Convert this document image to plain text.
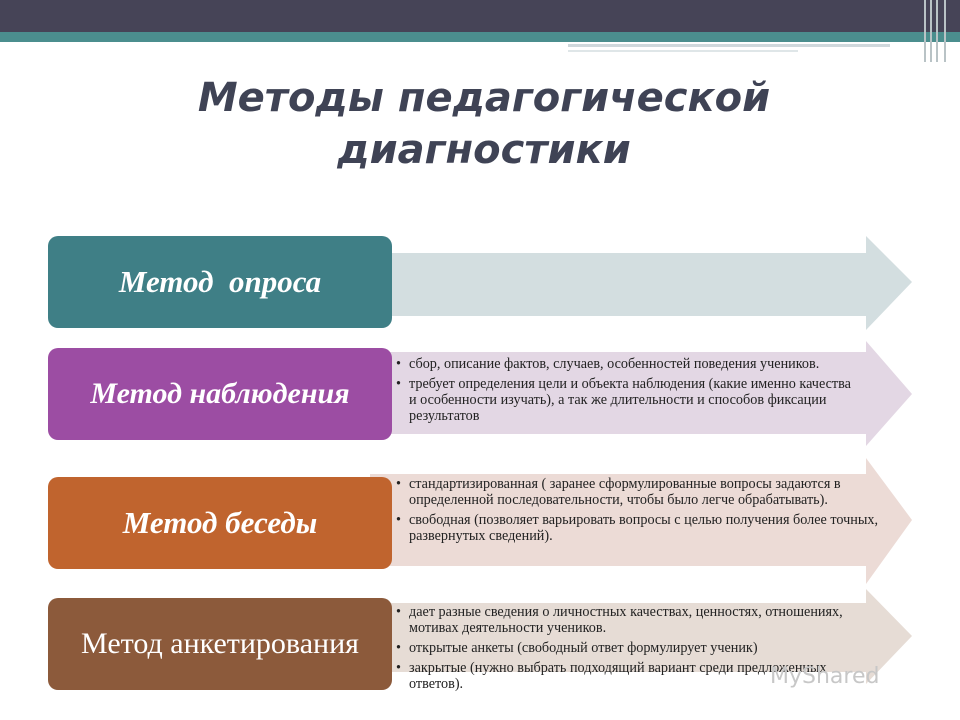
Методы педагогической
диагностики
Метод  опроса
Метод наблюдения
Метод беседы
Метод анкетирования
• сбор, описание фактов, случаев, особенностей поведения учеников.
• требует определения цели и объекта наблюдения (какие именно качества и особенности изучать), а так же длительности и способов фиксации результатов
• стандартизированная ( заранее сформулированные вопросы задаются в определенной последовательности, чтобы было легче обрабатывать).
• свободная (позволяет варьировать вопросы с целью получения более точных, развернутых сведений).
• дает разные сведения о личностных качествах, ценностях, отношениях, мотивах деятельности учеников.
• открытые анкеты (свободный ответ формулирует ученик)
• закрытые (нужно выбрать подходящий вариант среди предложенных ответов).	MyShared
